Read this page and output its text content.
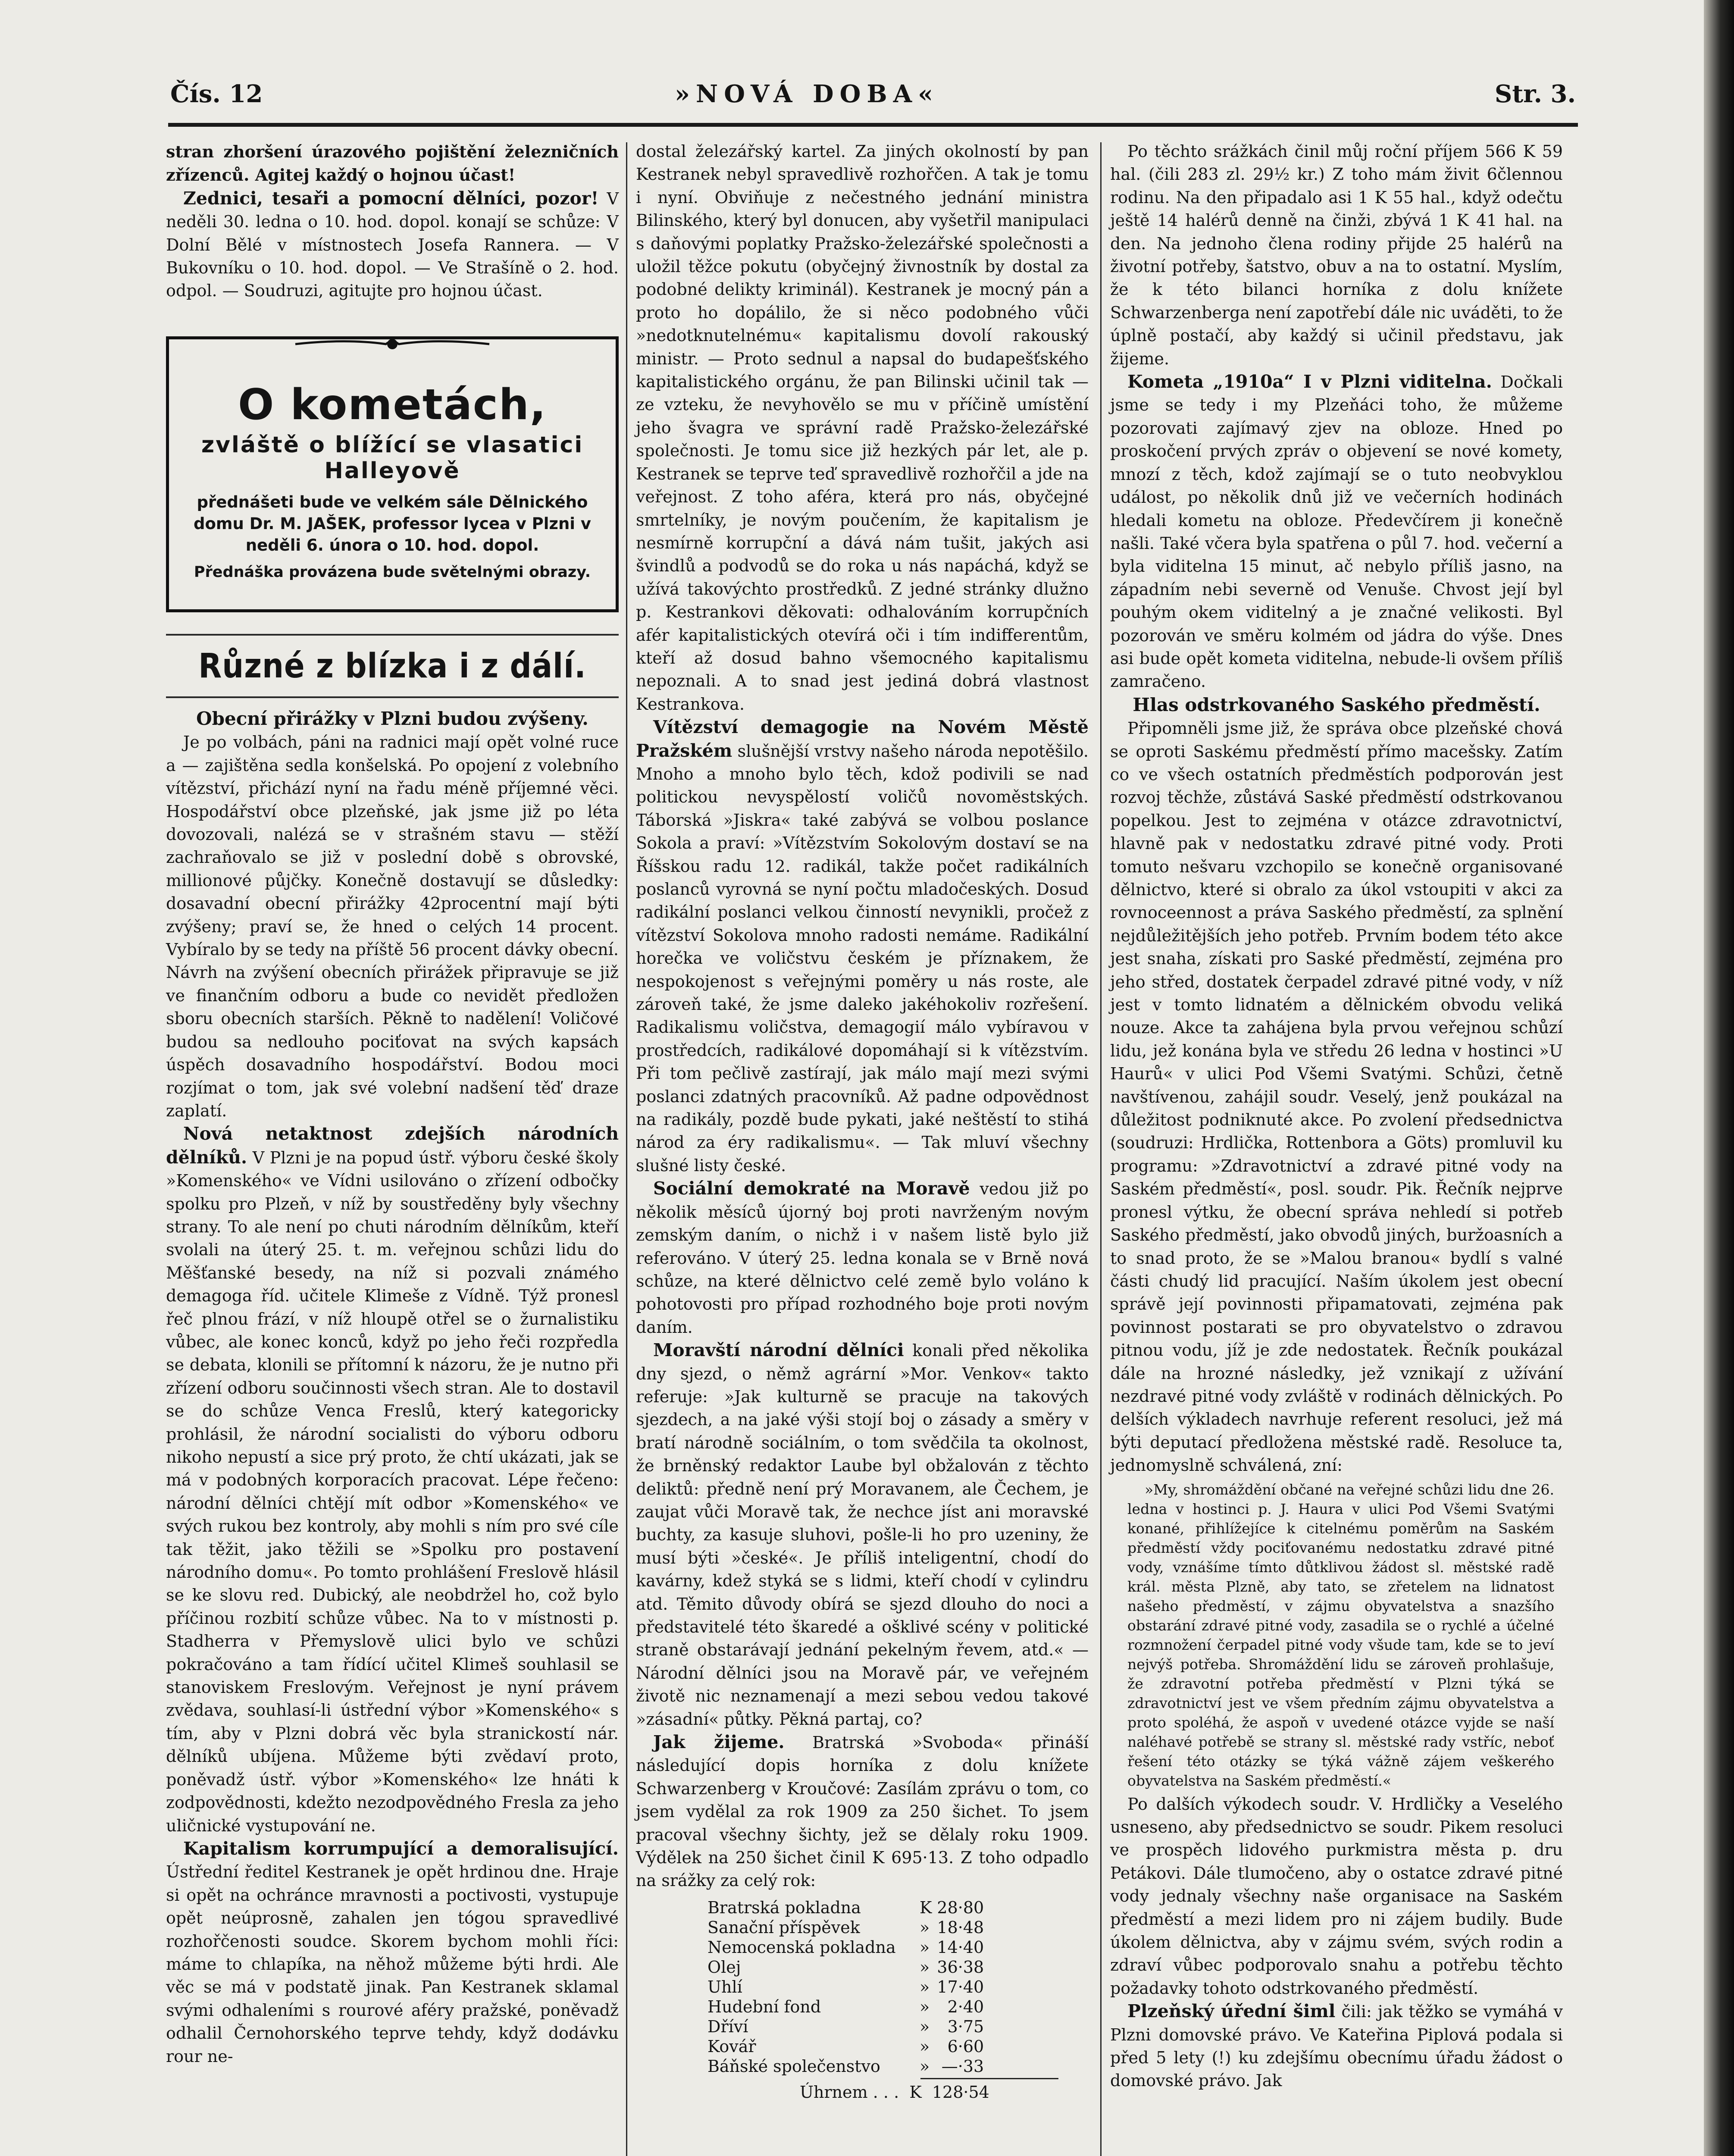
Čís. 12	»NOVÁ DOBA«	Str. 3.

stran zhoršení úrazového pojištění železničních zřízenců. Agitej každý o hojnou účast!

Zednici, tesaři a pomocní dělníci, pozor! V neděli 30. ledna o 10. hod. dopol. konají se schůze: V Dolní Bělé v místnostech Josefa Rannera. — V Bukovníku o 10. hod. dopol. — Ve Strašíně o 2. hod. odpol. — Soudruzi, agitujte pro hojnou účast.

O kometách,
zvláště o blížící se vlasatici Halleyově
přednášeti bude ve velkém sále Dělnického domu Dr. M. JAŠEK, professor lycea v Plzni v neděli 6. února o 10. hod. dopol.
Přednáška provázena bude světelnými obrazy.
Různé z blízka i z dálí.

Obecní přirážky v Plzni budou zvýšeny.

Je po volbách, páni na radnici mají opět volné ruce a — zajištěna sedla konšelská. Po opojení z volebního vítězství, přichází nyní na řadu méně příjemné věci. Hospodářství obce plzeňské, jak jsme již po léta dovozovali, nalézá se v strašném stavu — stěží zachraňovalo se již v poslední době s obrovské, millionové půjčky. Konečně dostavují se důsledky: dosavadní obecní přirážky 42procentní mají býti zvýšeny; praví se, že hned o celých 14 procent. Vybíralo by se tedy na příště 56 procent dávky obecní. Návrh na zvýšení obecních přirážek připravuje se již ve finančním odboru a bude co nevidět předložen sboru obecních starších. Pěkně to nadělení! Voličové budou sa nedlouho pociťovat na svých kapsách úspěch dosavadního hospodářství. Bodou moci rozjímat o tom, jak své volební nadšení těď draze zaplatí.

Nová netaktnost zdejších národních dělníků. V Plzni je na popud ústř. výboru české školy »Komenského« ve Vídni usilováno o zřízení odbočky spolku pro Plzeň, v níž by soustředěny byly všechny strany. To ale není po chuti národním dělníkům, kteří svolali na úterý 25. t. m. veřejnou schůzi lidu do Měšťanské besedy, na níž si pozvali známého demagoga říd. učitele Klimeše z Vídně. Týž pronesl řeč plnou frází, v níž hloupě otřel se o žurnalistiku vůbec, ale konec konců, když po jeho řeči rozpředla se debata, klonili se přítomní k názoru, že je nutno při zřízení odboru součinnosti všech stran. Ale to dostavil se do schůze Venca Freslů, který kategoricky prohlásil, že národní socialisti do výboru odboru nikoho nepustí a sice prý proto, že chtí ukázati, jak se má v podobných korporacích pracovat. Lépe řečeno: národní dělníci chtějí mít odbor »Komenského« ve svých rukou bez kontroly, aby mohli s ním pro své cíle tak těžit, jako těžili se »Spolku pro postavení národního domu«. Po tomto prohlášení Freslově hlásil se ke slovu red. Dubický, ale neobdržel ho, což bylo příčinou rozbití schůze vůbec. Na to v místnosti p. Stadherra v Přemyslově ulici bylo ve schůzi pokračováno a tam řídící učitel Klimeš souhlasil se stanoviskem Freslovým. Veřejnost je nyní právem zvědava, souhlasí-li ústřední výbor »Komenského« s tím, aby v Plzni dobrá věc byla stranickostí nár. dělníků ubíjena. Můžeme býti zvědaví proto, poněvadž ústř. výbor »Komenského« lze hnáti k zodpovědnosti, kdežto nezodpovědného Fresla za jeho uličnické vystupování ne.

Kapitalism korrumpující a demoralisující. Ústřední ředitel Kestranek je opět hrdinou dne. Hraje si opět na ochránce mravnosti a poctivosti, vystupuje opět neúprosně, zahalen jen tógou spravedlivé rozhořčenosti soudce. Skorem bychom mohli říci: máme to chlapíka, na něhož můžeme býti hrdi. Ale věc se má v podstatě jinak. Pan Kestranek sklamal svými odhaleními s rourové aféry pražské, poněvadž odhalil Černohorského teprve tehdy, když dodávku rour ne-

dostal železářský kartel. Za jiných okolností by pan Kestranek nebyl spravedlivě rozhořčen. A tak je tomu i nyní. Obviňuje z nečestného jednání ministra Bilinského, který byl donucen, aby vyšetřil manipulaci s daňovými poplatky Pražsko-železářské společnosti a uložil těžce pokutu (obyčejný živnostník by dostal za podobné delikty kriminál). Kestranek je mocný pán a proto ho dopálilo, že si něco podobného vůči »nedotknutelnému« kapitalismu dovolí rakouský ministr. — Proto sednul a napsal do budapešťského kapitalistického orgánu, že pan Bilinski učinil tak — ze vzteku, že nevyhovělo se mu v příčině umístění jeho švagra ve správní radě Pražsko-železářské společnosti. Je tomu sice již hezkých pár let, ale p. Kestranek se teprve teď spravedlivě rozhořčil a jde na veřejnost. Z toho aféra, která pro nás, obyčejné smrtelníky, je novým poučením, že kapitalism je nesmírně korrupční a dává nám tušit, jakých asi švindlů a podvodů se do roka u nás napáchá, když se užívá takovýchto prostředků. Z jedné stránky dlužno p. Kestrankovi děkovati: odhalováním korrupčních afér kapitalistických otevírá oči i tím indifferentům, kteří až dosud bahno všemocného kapitalismu nepoznali. A to snad jest jediná dobrá vlastnost Kestrankova.

Vítězství demagogie na Novém Městě Pražském slušnější vrstvy našeho národa nepotěšilo. Mnoho a mnoho bylo těch, kdož podivili se nad politickou nevyspělostí voličů novoměstských. Táborská »Jiskra« také zabývá se volbou poslance Sokola a praví: »Vítězstvím Sokolovým dostaví se na Říšskou radu 12. radikál, takže počet radikálních poslanců vyrovná se nyní počtu mladočeských. Dosud radikální poslanci velkou činností nevynikli, pročež z vítězství Sokolova mnoho radosti nemáme. Radikální horečka ve voličstvu českém je příznakem, že nespokojenost s veřejnými poměry u nás roste, ale zároveň také, že jsme daleko jakéhokoliv rozřešení. Radikalismu voličstva, demagogií málo vybíravou v prostředcích, radikálové dopomáhají si k vítězstvím. Při tom pečlivě zastírají, jak málo mají mezi svými poslanci zdatných pracovníků. Až padne odpovědnost na radikály, pozdě bude pykati, jaké neštěstí to stihá národ za éry radikalismu«. — Tak mluví všechny slušné listy české.

Sociální demokraté na Moravě vedou již po několik měsíců újorný boj proti navrženým novým zemským daním, o nichž i v našem listě bylo již referováno. V úterý 25. ledna konala se v Brně nová schůze, na které dělnictvo celé země bylo voláno k pohotovosti pro případ rozhodného boje proti novým daním.

Moravští národní dělníci konali před několika dny sjezd, o němž agrární »Mor. Venkov« takto referuje: »Jak kulturně se pracuje na takových sjezdech, a na jaké výši stojí boj o zásady a směry v bratí národně sociálním, o tom svědčila ta okolnost, že brněnský redaktor Laube byl obžalován z těchto deliktů: předně není prý Moravanem, ale Čechem, je zaujat vůči Moravě tak, že nechce jíst ani moravské buchty, za kasuje sluhovi, pošle-li ho pro uzeniny, že musí býti »české«. Je příliš inteligentní, chodí do kavárny, kdež styká se s lidmi, kteří chodí v cylindru atd. Těmito důvody obírá se sjezd dlouho do noci a představitelé této škaredé a ošklivé scény v politické straně obstarávají jednání pekelným řevem, atd.« — Národní dělníci jsou na Moravě pár, ve veřejném životě nic neznamenají a mezi sebou vedou takové »zásadní« půtky. Pěkná partaj, co?

Jak žijeme. Bratrská »Svoboda« přináší následující dopis horníka z dolu knížete Schwarzenberg v Kroučové: Zasílám zprávu o tom, co jsem vydělal za rok 1909 za 250 šichet. To jsem pracoval všechny šichty, jež se dělaly roku 1909. Výdělek na 250 šichet činil K 695·13. Z toho odpadlo na srážky za celý rok:

Bratrská pokladna	K	28·80
Sanační příspěvek	»	18·48
Nemocenská pokladna	»	14·40
Olej	»	36·38
Uhlí	»	17·40
Hudební fond	»	2·40
Dříví	»	3·75
Kovář	»	6·60
Báňské společenstvo	»	—·33
Úhrnem . . .  K 128·54

Po těchto srážkách činil můj roční příjem 566 K 59 hal. (čili 283 zl. 29½ kr.) Z toho mám živit 6člennou rodinu. Na den připadalo asi 1 K 55 hal., když odečtu ještě 14 halérů denně na činži, zbývá 1 K 41 hal. na den. Na jednoho člena rodiny přijde 25 halérů na životní potřeby, šatstvo, obuv a na to ostatní. Myslím, že k této bilanci horníka z dolu knížete Schwarzenberga není zapotřebí dále nic uváděti, to že úplně postačí, aby každý si učinil představu, jak žijeme.

Kometa „1910a“ I v Plzni viditelna. Dočkali jsme se tedy i my Plzeňáci toho, že můžeme pozorovati zajímavý zjev na obloze. Hned po proskočení prvých zpráv o objevení se nové komety, mnozí z těch, kdož zajímají se o tuto neobvyklou událost, po několik dnů již ve večerních hodinách hledali kometu na obloze. Předevčírem ji konečně našli. Také včera byla spatřena o půl 7. hod. večerní a byla viditelna 15 minut, ač nebylo příliš jasno, na západním nebi severně od Venuše. Chvost její byl pouhým okem viditelný a je značné velikosti. Byl pozorován ve směru kolmém od jádra do výše. Dnes asi bude opět kometa viditelna, nebude-li ovšem příliš zamračeno.

Hlas odstrkovaného Saského předměstí.

Připomněli jsme již, že správa obce plzeňské chová se oproti Saskému předměstí přímo macešsky. Zatím co ve všech ostatních předměstích podporován jest rozvoj těchže, zůstává Saské předměstí odstrkovanou popelkou. Jest to zejména v otázce zdravotnictví, hlavně pak v nedostatku zdravé pitné vody. Proti tomuto nešvaru vzchopilo se konečně organisované dělnictvo, které si obralo za úkol vstoupiti v akci za rovnoceennost a práva Saského předměstí, za splnění nejdůležitějších jeho potřeb. Prvním bodem této akce jest snaha, získati pro Saské předměstí, zejména pro jeho střed, dostatek čerpadel zdravé pitné vody, v níž jest v tomto lidnatém a dělnickém obvodu veliká nouze. Akce ta zahájena byla prvou veřejnou schůzí lidu, jež konána byla ve středu 26 ledna v hostinci »U Haurů« v ulici Pod Všemi Svatými. Schůzi, četně navštívenou, zahájil soudr. Veselý, jenž poukázal na důležitost podniknuté akce. Po zvolení předsednictva (soudruzi: Hrdlička, Rottenbora a Göts) promluvil ku programu: »Zdravotnictví a zdravé pitné vody na Saském předměstí«, posl. soudr. Pik. Řečník nejprve pronesl výtku, že obecní správa nehledí si potřeb Saského předměstí, jako obvodů jiných, buržoasních a to snad proto, že se »Malou branou« bydlí s valné části chudý lid pracující. Naším úkolem jest obecní správě její povinnosti připamatovati, zejména pak povinnost postarati se pro obyvatelstvo o zdravou pitnou vodu, jíž je zde nedostatek. Řečník poukázal dále na hrozné následky, jež vznikají z užívání nezdravé pitné vody zvláště v rodinách dělnických. Po delších výkladech navrhuje referent resoluci, jež má býti deputací předložena městské radě. Resoluce ta, jednomyslně schválená, zní:

»My, shromáždění občané na veřejné schůzi lidu dne 26. ledna v hostinci p. J. Haura v ulici Pod Všemi Svatými konané, přihlížejíce k citelnému poměrům na Saském předměstí vždy pociťovanému nedostatku zdravé pitné vody, vznášíme tímto důtklivou žádost sl. městské radě král. města Plzně, aby tato, se zřetelem na lidnatost našeho předměstí, v zájmu obyvatelstva a snazšího obstarání zdravé pitné vody, zasadila se o rychlé a účelné rozmnožení čerpadel pitné vody všude tam, kde se to jeví nejvýš potřeba. Shromáždění lidu se zároveň prohlašuje, že zdravotní potřeba předměstí v Plzni týká se zdravotnictví jest ve všem předním zájmu obyvatelstva a proto spoléhá, že aspoň v uvedené otázce vyjde se naší naléhavé potřebě se strany sl. městské rady vstříc, neboť řešení této otázky se týká vážně zájem veškerého obyvatelstva na Saském předměstí.«

Po dalších výkodech soudr. V. Hrdličky a Veselého usneseno, aby předsednictvo se soudr. Pikem resoluci ve prospěch lidového purkmistra města p. dru Petákovi. Dále tlumočeno, aby o ostatce zdravé pitné vody jednaly všechny naše organisace na Saském předměstí a mezi lidem pro ni zájem budily. Bude úkolem dělnictva, aby v zájmu svém, svých rodin a zdraví vůbec podporovalo snahu a potřebu těchto požadavky tohoto odstrkovaného předměstí.

Plzeňský úřední šiml čili: jak těžko se vymáhá v Plzni domovské právo. Ve Kateřina Piplová podala si před 5 lety (!) ku zdejšímu obecnímu úřadu žádost o domovské právo. Jak
